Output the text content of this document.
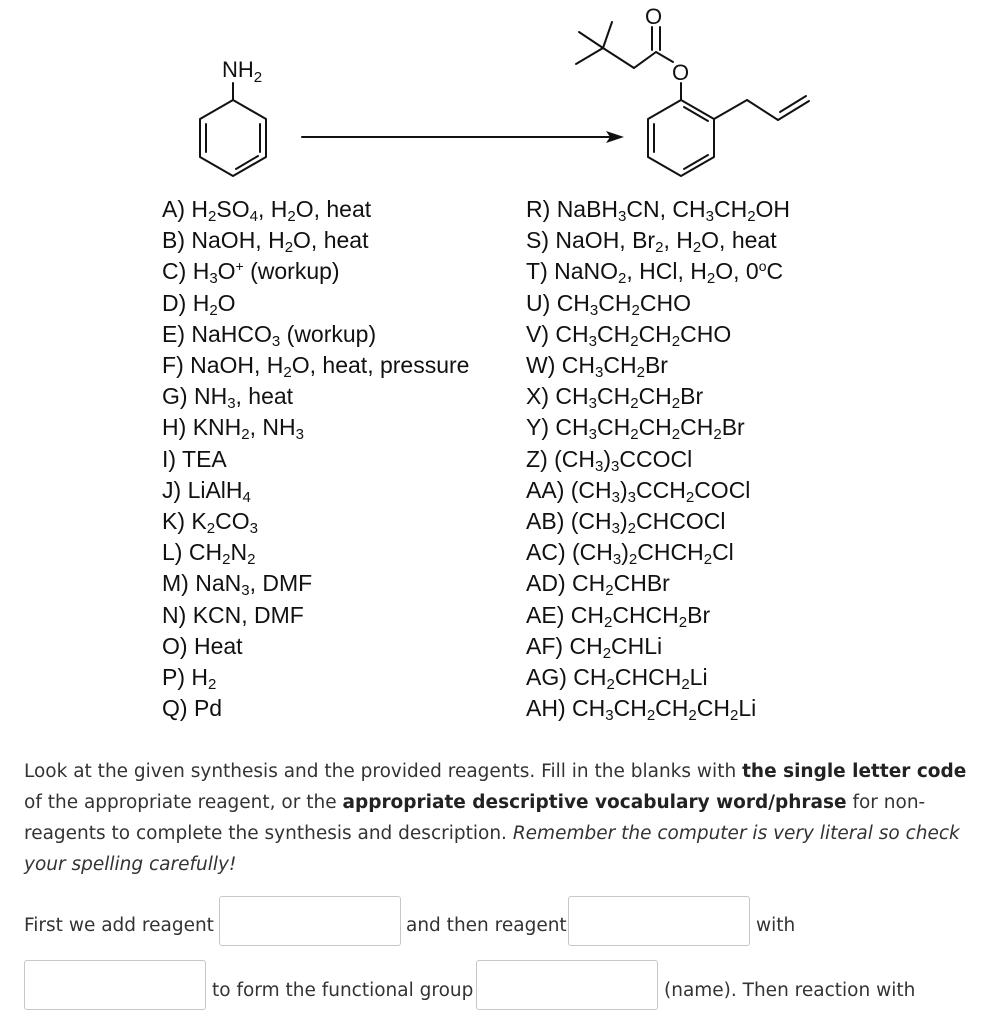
$NH_2$
O
O
A) $H_2SO_4$, $H_2O$, heat
B) NaOH, $H_2O$, heat
C) $H_3O^+$ (workup)
D) $H_2O$
E) NaHCO$_3$ (workup)
F) NaOH, $H_2O$, heat, pressure
G) $NH_3$, heat
H) $KNH_2$, $NH_3$
I) TEA
J) LiAlH$_4$
K) $K_2CO_3$
L) $CH_2N_2$
M) NaN$_3$, DMF
N) KCN, DMF
O) Heat
P) $H_2$
Q) Pd
R) NaBH$_3$CN, $CH_3CH_2OH$
S) NaOH, $Br_2$, $H_2O$, heat
T) NaNO$_2$, HCl, $H_2O$, 0$^o$C
U) $CH_3CH_2CHO$
V) $CH_3CH_2CH_2CHO$
W) $CH_3CH_2Br$
X) $CH_3CH_2CH_2Br$
Y) $CH_3CH_2CH_2CH_2Br$
Z) $(CH_3)_3CCOCl$
AA) $(CH_3)_3CCH_2COCl$
AB) $(CH_3)_2CHCOCl$
AC) $(CH_3)_2CHCH_2Cl$
AD) $CH_2CHBr$
AE) $CH_2CHCH_2Br$
AF) $CH_2CHLi$
AG) $CH_2CHCH_2Li$
AH) $CH_3CH_2CH_2CH_2Li$

Look at the given synthesis and the provided reagents. Fill in the blanks with the single letter code of the appropriate reagent, or the appropriate descriptive vocabulary word/phrase for non-reagents to complete the synthesis and description. Remember the computer is very literal so check your spelling carefully!

First we add reagent	and then reagent	with
to form the functional group	(name). Then reaction with
